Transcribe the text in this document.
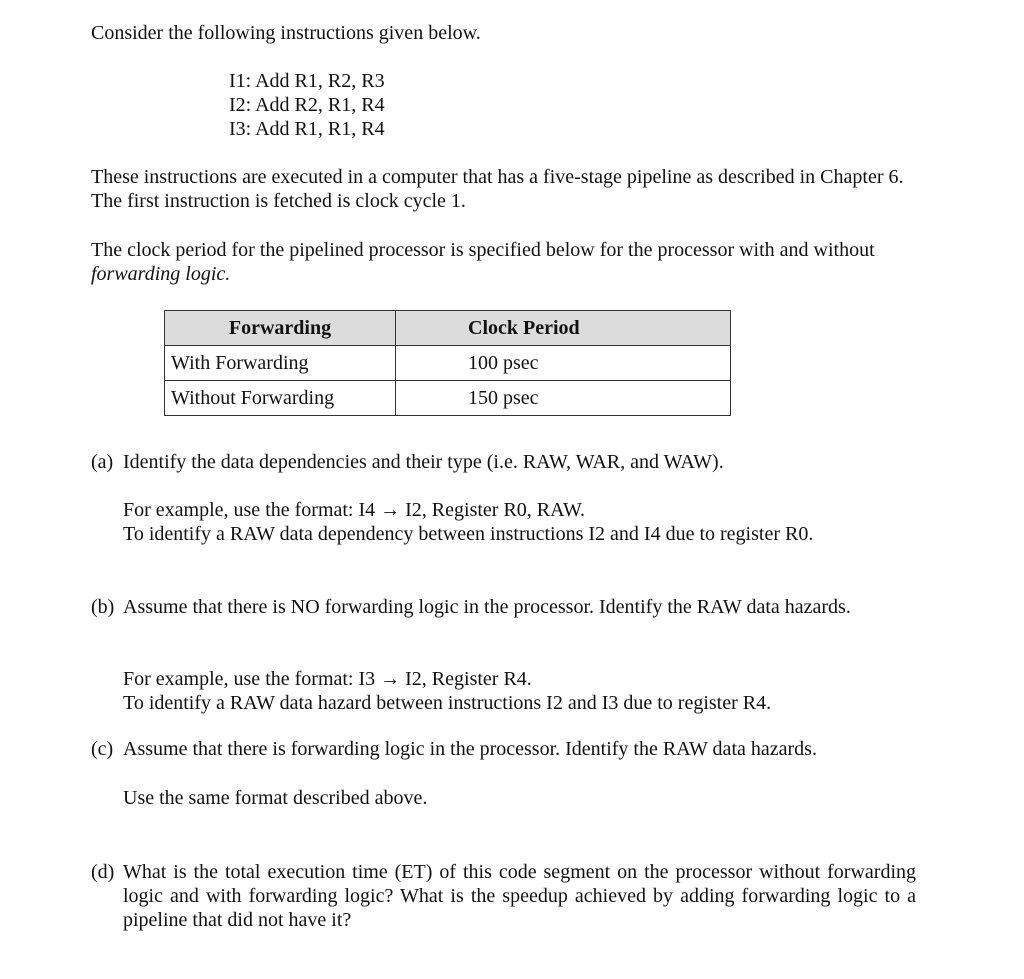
Consider the following instructions given below.
I1: Add R1, R2, R3
I2: Add R2, R1, R4
I3: Add R1, R1, R4
These instructions are executed in a computer that has a five-stage pipeline as described in Chapter 6. The first instruction is fetched is clock cycle 1.
The clock period for the pipelined processor is specified below for the processor with and without forwarding logic.
Forwarding	Clock Period
With Forwarding	100 psec
Without Forwarding	150 psec
(a) Identify the data dependencies and their type (i.e. RAW, WAR, and WAW).
For example, use the format: I4 → I2, Register R0, RAW.
To identify a RAW data dependency between instructions I2 and I4 due to register R0.
(b) Assume that there is NO forwarding logic in the processor. Identify the RAW data hazards.
For example, use the format: I3 → I2, Register R4.
To identify a RAW data hazard between instructions I2 and I3 due to register R4.
(c) Assume that there is forwarding logic in the processor. Identify the RAW data hazards.
Use the same format described above.
(d) What is the total execution time (ET) of this code segment on the processor without forwarding logic and with forwarding logic? What is the speedup achieved by adding forwarding logic to a pipeline that did not have it?
